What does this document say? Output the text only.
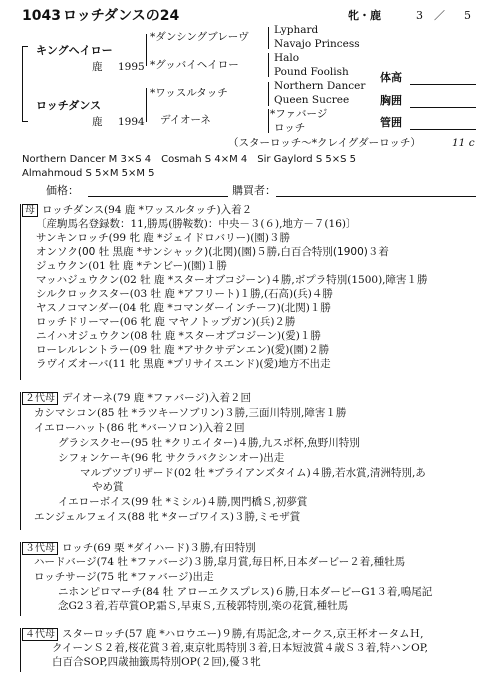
1043 ロッチダンスの24	牝・鹿	3 ／ 5
キングヘイロー
鹿 1995
ロッチダンス
鹿 1994
*ダンシングブレーヴ
*グッバイヘイロー
*ワッスルタッチ
デイオーネ
Lyphard
Navajo Princess
Halo
Pound Foolish
Northern Dancer
Queen Sucree
*ファバージ
ロッチ
（スターロッチ～*クレイグダーロッチ）	11 c
体高
胸囲
管囲
Northern Dancer M 3×S 4　Cosmah S 4×M 4　Sir Gaylord S 5×S 5
Almahmoud S 5×M 5×M 5
価格：	購買者：
母 ロッチダンス(94 鹿 *ワッスルタッチ)入着２
〔産駒馬名登録数：11,勝馬(勝鞍数)：中央－３(６),地方－７(16)〕
サンキンロッチ(99 牝 鹿 *ジェイドロバリー)(園)３勝
オンソク(00 牡 黒鹿 *サンシャック)(北関)(園)５勝,白百合特別(1900)３着
ジュウクン(01 牡 鹿 *テンビー)(園)１勝
マッハジュウクン(02 牡 鹿 *スターオブコジーン)４勝,ボプラ特別(1500),障害１勝
シルクロックスター(03 牡 鹿 *アフリート)１勝,(石高)(兵)４勝
ヤスノコマンダー(04 牝 鹿 *コマンダーインチーフ)(北関)１勝
ロッチドリーマー(06 牝 鹿 マヤノトップガン)(兵)２勝
ニイハオジュウクン(08 牡 鹿 *スターオブコジーン)(愛)１勝
ローレルレントラー(09 牡 鹿 *アサクサデンエン)(愛)(園)２勝
ラヴイズオーバ(11 牝 黒鹿 *プリサイスエンド)(愛)地方不出走
２代母 デイオーネ(79 鹿 *ファバージ)入着２回
カシマシコン(85 牡 *ラツキーソブリン)３勝,三面川特別,障害１勝
イエローハット(86 牝 *バーソロン)入着２回
グラシスクセー(95 牡 *クリエイター)４勝,九スポ杯,魚野川特別
シフォンケーキ(96 牝 サクラバクシンオー)出走
マルブツブリザード(02 牡 *ブライアンズタイム)４勝,若水賞,清洲特別,あ
やめ賞
イエローボイス(99 牡 *ミシル)４勝,関門橋Ｓ,初夢賞
エンジェルフェイス(88 牝 *ターゴワイス)３勝,ミモザ賞
３代母 ロッチ(69 栗 *ダイハード)３勝,有田特別
ハードバージ(74 牡 *ファバージ)３勝,皐月賞,毎日杯,日本ダービー２着,種牡馬
ロッチサージ(75 牝 *ファバージ)出走
ニホンピロマーチ(84 牡 アローエクスプレス)６勝,日本ダービーG1３着,鳴尾記
念G2３着,若草賞OP,霜Ｓ,早東Ｓ,五稜郭特別,楽の花賞,種牡馬
４代母 スターロッチ(57 鹿 *ハロウエー)９勝,有馬記念,オークス,京王杯オータムＨ,
クイーンＳ２着,桜花賞３着,東京牝馬特別３着,日本短波賞４歳Ｓ３着,特ハンOP,
白百合SOP,四歳抽籤馬特別OP(２回),優３牝
